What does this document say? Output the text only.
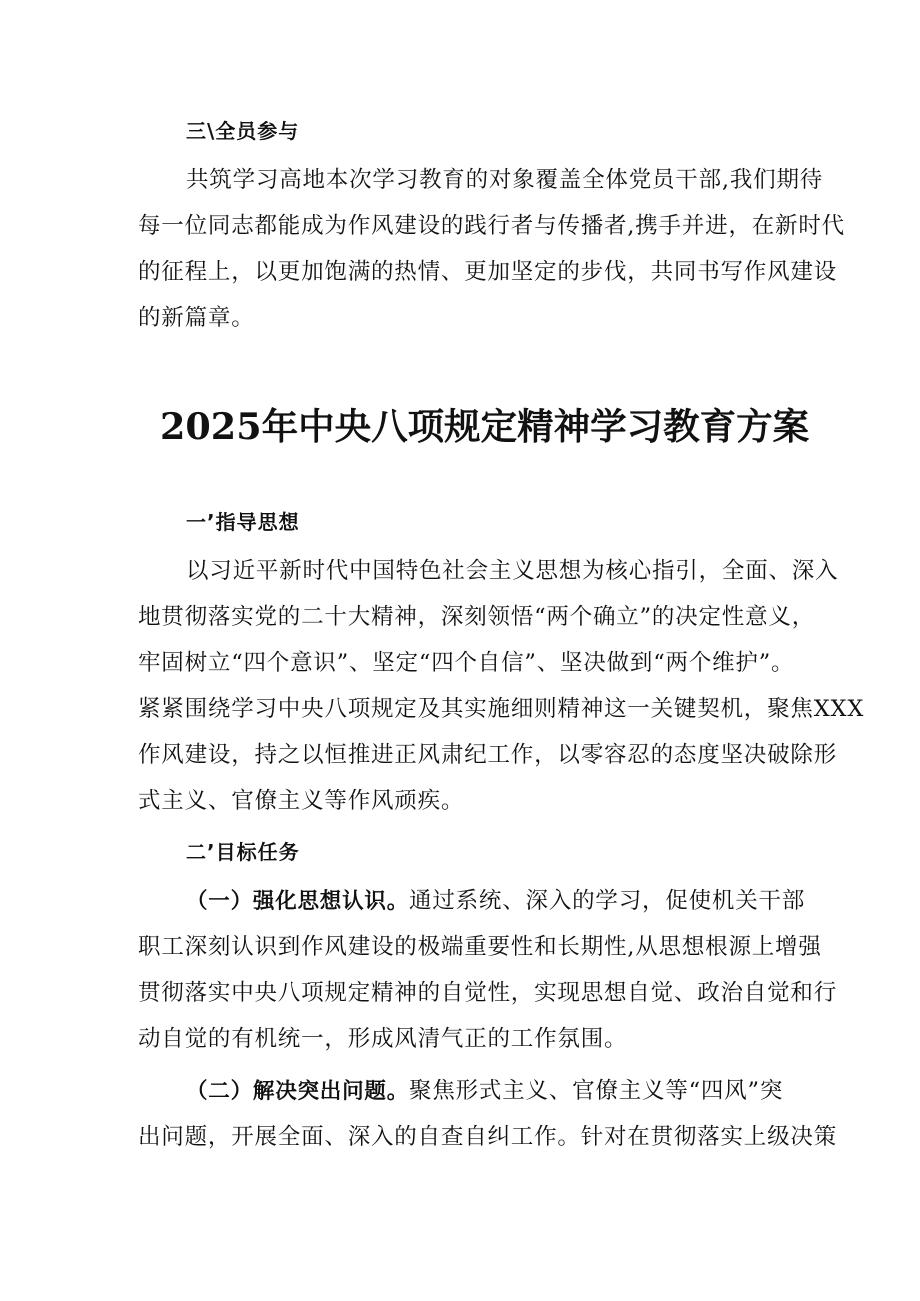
三\全员参与

共筑学习高地本次学习教育的对象覆盖全体党员干部,我们期待

每一位同志都能成为作风建设的践行者与传播者,携手并进，在新时代

的征程上，以更加饱满的热情、更加坚定的步伐，共同书写作风建设

的新篇章。

2025年中央八项规定精神学习教育方案

一’指导思想

以习近平新时代中国特色社会主义思想为核心指引，全面、深入

地贯彻落实党的二十大精神，深刻领悟“两个确立”的决定性意义，

牢固树立“四个意识”、坚定“四个自信”、坚决做到“两个维护”。

紧紧围绕学习中央八项规定及其实施细则精神这一关键契机，聚焦XXX

作风建设，持之以恒推进正风肃纪工作，以零容忍的态度坚决破除形

式主义、官僚主义等作风顽疾。

二’目标任务

（一）强化思想认识。通过系统、深入的学习，促使机关干部

职工深刻认识到作风建设的极端重要性和长期性,从思想根源上增强

贯彻落实中央八项规定精神的自觉性，实现思想自觉、政治自觉和行

动自觉的有机统一，形成风清气正的工作氛围。

（二）解决突出问题。聚焦形式主义、官僚主义等“四风”突

出问题，开展全面、深入的自查自纠工作。针对在贯彻落实上级决策
